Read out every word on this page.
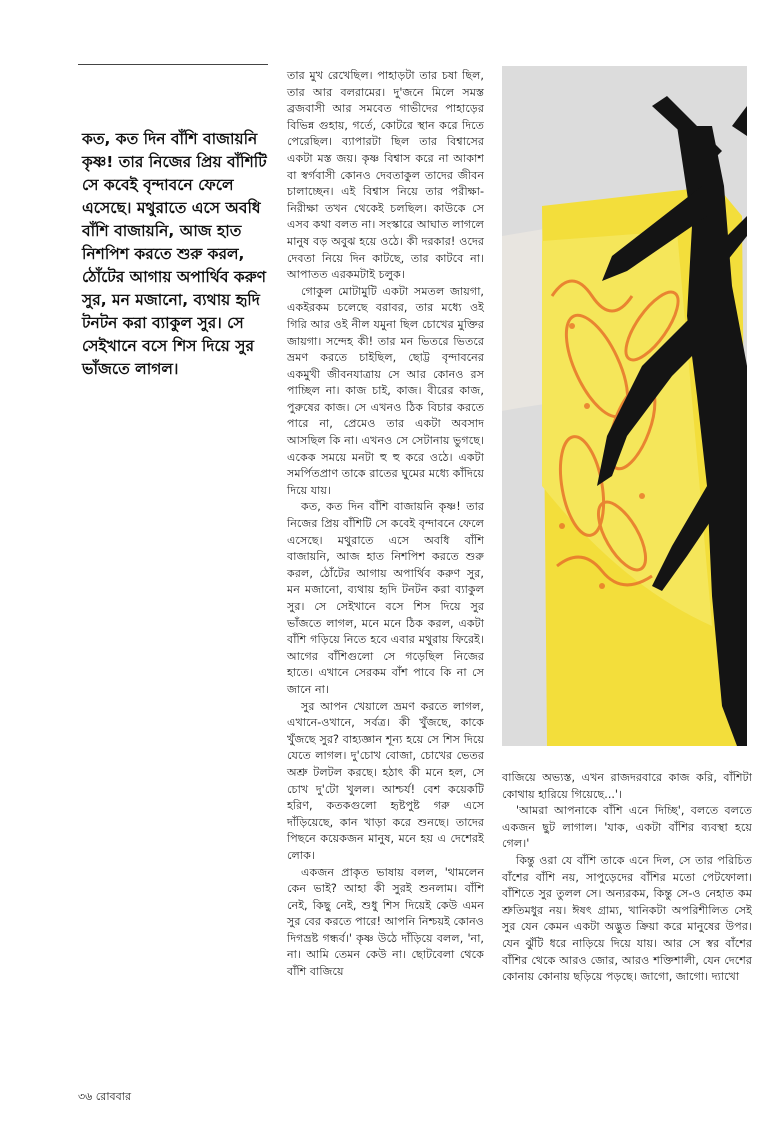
কত, কত দিন বাঁশি বাজায়নি কৃষ্ণ! তার নিজের প্রিয় বাঁশিটি সে কবেই বৃন্দাবনে ফেলে এসেছে। মথুরাতে এসে অবধি বাঁশি বাজায়নি, আজ হাত নিশপিশ করতে শুরু করল, ঠোঁটের আগায় অপার্থিব করুণ সুর, মন মজানো, ব্যথায় হৃদি টনটন করা ব্যাকুল সুর। সে সেইখানে বসে শিস দিয়ে সুর ভাঁজতে লাগল।

তার মুখ রেখেছিল। পাহাড়টা তার চষা ছিল, তার আর বলরামের। দু'জনে মিলে সমস্ত ব্রজবাসী আর সমবেত গাভীদের পাহাড়ের বিভিন্ন গুহায়, গর্তে, কোটরে স্থান করে দিতে পেরেছিল। ব্যাপারটা ছিল তার বিশ্বাসের একটা মস্ত জয়। কৃষ্ণ বিশ্বাস করে না আকাশ বা স্বর্গবাসী কোনও দেবতাকুল তাদের জীবন চালাচ্ছেন। এই বিশ্বাস নিয়ে তার পরীক্ষা-নিরীক্ষা তখন থেকেই চলছিল। কাউকে সে এসব কথা বলত না। সংস্কারে আঘাত লাগলে মানুষ বড় অবুঝ হয়ে ওঠে। কী দরকার! ওদের দেবতা নিয়ে দিন কাটছে, তার কাটবে না। আপাতত এরকমটাই চলুক।

গোকুল মোটামুটি একটা সমতল জায়গা, একইরকম চলেছে বরাবর, তার মধ্যে ওই গিরি আর ওই নীল যমুনা ছিল চোখের মুক্তির জায়গা। সন্দেহ কী! তার মন ভিতরে ভিতরে ভ্রমণ করতে চাইছিল, ছোট্ট বৃন্দাবনের একমুখী জীবনযাত্রায় সে আর কোনও রস পাচ্ছিল না। কাজ চাই, কাজ। বীরের কাজ, পুরুষের কাজ। সে এখনও ঠিক বিচার করতে পারে না, প্রেমেও তার একটা অবসাদ আসছিল কি না। এখনও সে সেটানায় ভুগছে। একেক সময়ে মনটা হু হু করে ওঠে। একটা সমর্পিতপ্রাণ তাকে রাতের ঘুমের মধ্যে কাঁদিয়ে দিয়ে যায়।

কত, কত দিন বাঁশি বাজায়নি কৃষ্ণ! তার নিজের প্রিয় বাঁশিটি সে কবেই বৃন্দাবনে ফেলে এসেছে। মথুরাতে এসে অবধি বাঁশি বাজায়নি, আজ হাত নিশপিশ করতে শুরু করল, ঠোঁটের আগায় অপার্থিব করুণ সুর, মন মজানো, ব্যথায় হৃদি টনটন করা ব্যাকুল সুর। সে সেইখানে বসে শিস দিয়ে সুর ভাঁজতে লাগল, মনে মনে ঠিক করল, একটা বাঁশি গড়িয়ে নিতে হবে এবার মথুরায় ফিরেই। আগের বাঁশিগুলো সে গড়েছিল নিজের হাতে। এখানে সেরকম বাঁশ পাবে কি না সে জানে না।

সুর আপন খেয়ালে ভ্রমণ করতে লাগল, এখানে-ওখানে, সর্বত্র। কী খুঁজছে, কাকে খুঁজছে সুর? বাহ্যজ্ঞান শূন্য হয়ে সে শিস দিয়ে যেতে লাগল। দু'চোখ বোজা, চোখের ভেতর অশ্রু টলটল করছে। হঠাৎ কী মনে হল, সে চোখ দু'টো খুলল। আশ্চর্য! বেশ কয়েকটি হরিণ, কতকগুলো হৃষ্টপুষ্ট গরু এসে দাঁড়িয়েছে, কান খাড়া করে শুনছে। তাদের পিছনে কয়েকজন মানুষ, মনে হয় এ দেশেরই লোক।

একজন প্রাকৃত ভাষায় বলল, 'থামলেন কেন ভাই? আহা কী সুরই শুনলাম। বাঁশি নেই, কিছু নেই, শুধু শিস দিয়েই কেউ এমন সুর বের করতে পারে! আপনি নিশ্চয়ই কোনও দিগভ্রষ্ট গন্ধর্ব।' কৃষ্ণ উঠে দাঁড়িয়ে বলল, 'না, না। আমি তেমন কেউ না। ছোটবেলা থেকে বাঁশি বাজিয়ে

বাজিয়ে অভ্যস্ত, এখন রাজদরবারে কাজ করি, বাঁশিটা কোথায় হারিয়ে গিয়েছে...'।

'আমরা আপনাকে বাঁশি এনে দিচ্ছি', বলতে বলতে একজন ছুট লাগাল। 'যাক, একটা বাঁশির ব্যবস্থা হয়ে গেল।'

কিন্তু ওরা যে বাঁশি তাকে এনে দিল, সে তার পরিচিত বাঁশের বাঁশি নয়, সাপুড়েদের বাঁশির মতো পেটফোলা। বাঁশিতে সুর তুলল সে। অন্যরকম, কিন্তু সে-ও নেহাত কম শ্রুতিমধুর নয়। ঈষৎ গ্রাম্য, খানিকটা অপরিশীলিত সেই সুর যেন কেমন একটা অদ্ভুত ক্রিয়া করে মানুষের উপর। যেন ঝুঁটি ধরে নাড়িয়ে দিয়ে যায়। আর সে স্বর বাঁশের বাঁশির থেকে আরও জোর, আরও শক্তিশালী, যেন দেশের কোনায় কোনায় ছড়িয়ে পড়ছে। জাগো, জাগো। দ্যাখো

৩৬ রোববার
